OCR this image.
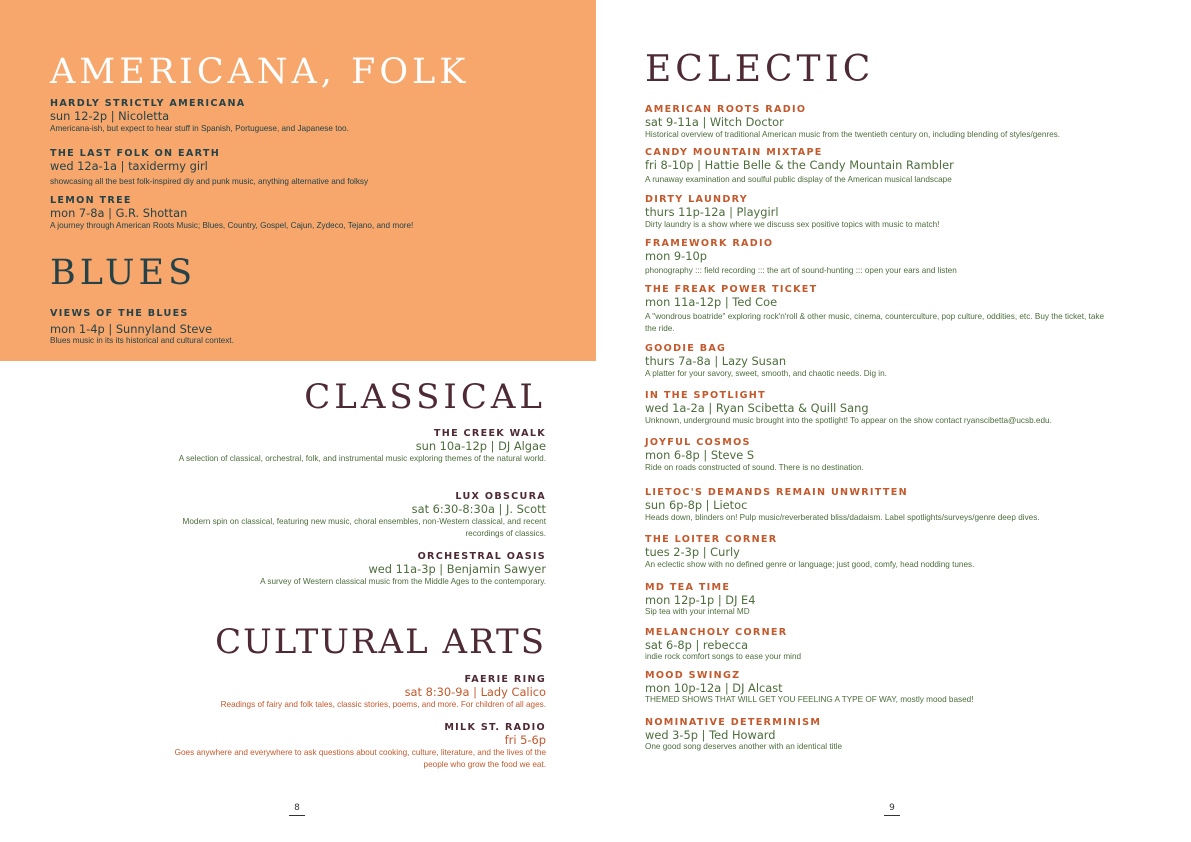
AMERICANA, FOLK
HARDLY STRICTLY AMERICANA
sun 12-2p | Nicoletta
Americana-ish, but expect to hear stuff in Spanish, Portuguese, and Japanese too.
THE LAST FOLK ON EARTH
wed 12a-1a | taxidermy girl
showcasing all the best folk-inspired diy and punk music, anything alternative and folksy
LEMON TREE
mon 7-8a | G.R. Shottan
A journey through American Roots Music; Blues, Country, Gospel, Cajun, Zydeco, Tejano, and more!
BLUES
VIEWS OF THE BLUES
mon 1-4p | Sunnyland Steve
Blues music in its its historical and cultural context.
CLASSICAL
THE CREEK WALK
sun 10a-12p | DJ Algae
A selection of classical, orchestral, folk, and instrumental music exploring themes of the natural world.
LUX OBSCURA
sat 6:30-8:30a | J. Scott
Modern spin on classical, featuring new music, choral ensembles, non-Western classical, and recent recordings of classics.
ORCHESTRAL OASIS
wed 11a-3p | Benjamin Sawyer
A survey of Western classical music from the Middle Ages to the contemporary.
CULTURAL ARTS
FAERIE RING
sat 8:30-9a | Lady Calico
Readings of fairy and folk tales, classic stories, poems, and more. For children of all ages.
MILK ST. RADIO
fri 5-6p
Goes anywhere and everywhere to ask questions about cooking, culture, literature, and the lives of the people who grow the food we eat.
ECLECTIC
AMERICAN ROOTS RADIO
sat 9-11a | Witch Doctor
Historical overview of traditional American music from the twentieth century on, including blending of styles/genres.
CANDY MOUNTAIN MIXTAPE
fri 8-10p | Hattie Belle & the Candy Mountain Rambler
A runaway examination and soulful public display of the American musical landscape
DIRTY LAUNDRY
thurs 11p-12a | Playgirl
Dirty laundry is a show where we discuss sex positive topics with music to match!
FRAMEWORK RADIO
mon 9-10p
phonography ::: field recording ::: the art of sound-hunting ::: open your ears and listen
THE FREAK POWER TICKET
mon 11a-12p | Ted Coe
A "wondrous boatride" exploring rock'n'roll & other music, cinema, counterculture, pop culture, oddities, etc. Buy the ticket, take the ride.
GOODIE BAG
thurs 7a-8a | Lazy Susan
A platter for your savory, sweet, smooth, and chaotic needs. Dig in.
IN THE SPOTLIGHT
wed 1a-2a | Ryan Scibetta & Quill Sang
Unknown, underground music brought into the spotlight! To appear on the show contact ryanscibetta@ucsb.edu.
JOYFUL COSMOS
mon 6-8p | Steve S
Ride on roads constructed of sound. There is no destination.
LIETOC'S DEMANDS REMAIN UNWRITTEN
sun 6p-8p | Lietoc
Heads down, blinders on! Pulp music/reverberated bliss/dadaism. Label spotlights/surveys/genre deep dives.
THE LOITER CORNER
tues 2-3p | Curly
An eclectic show with no defined genre or language; just good, comfy, head nodding tunes.
MD TEA TIME
mon 12p-1p | DJ E4
Sip tea with your internal MD
MELANCHOLY CORNER
sat 6-8p | rebecca
indie rock comfort songs to ease your mind
MOOD SWINGZ
mon 10p-12a | DJ Alcast
THEMED SHOWS THAT WILL GET YOU FEELING A TYPE OF WAY, mostly mood based!
NOMINATIVE DETERMINISM
wed 3-5p | Ted Howard
One good song deserves another with an identical title
8	9
